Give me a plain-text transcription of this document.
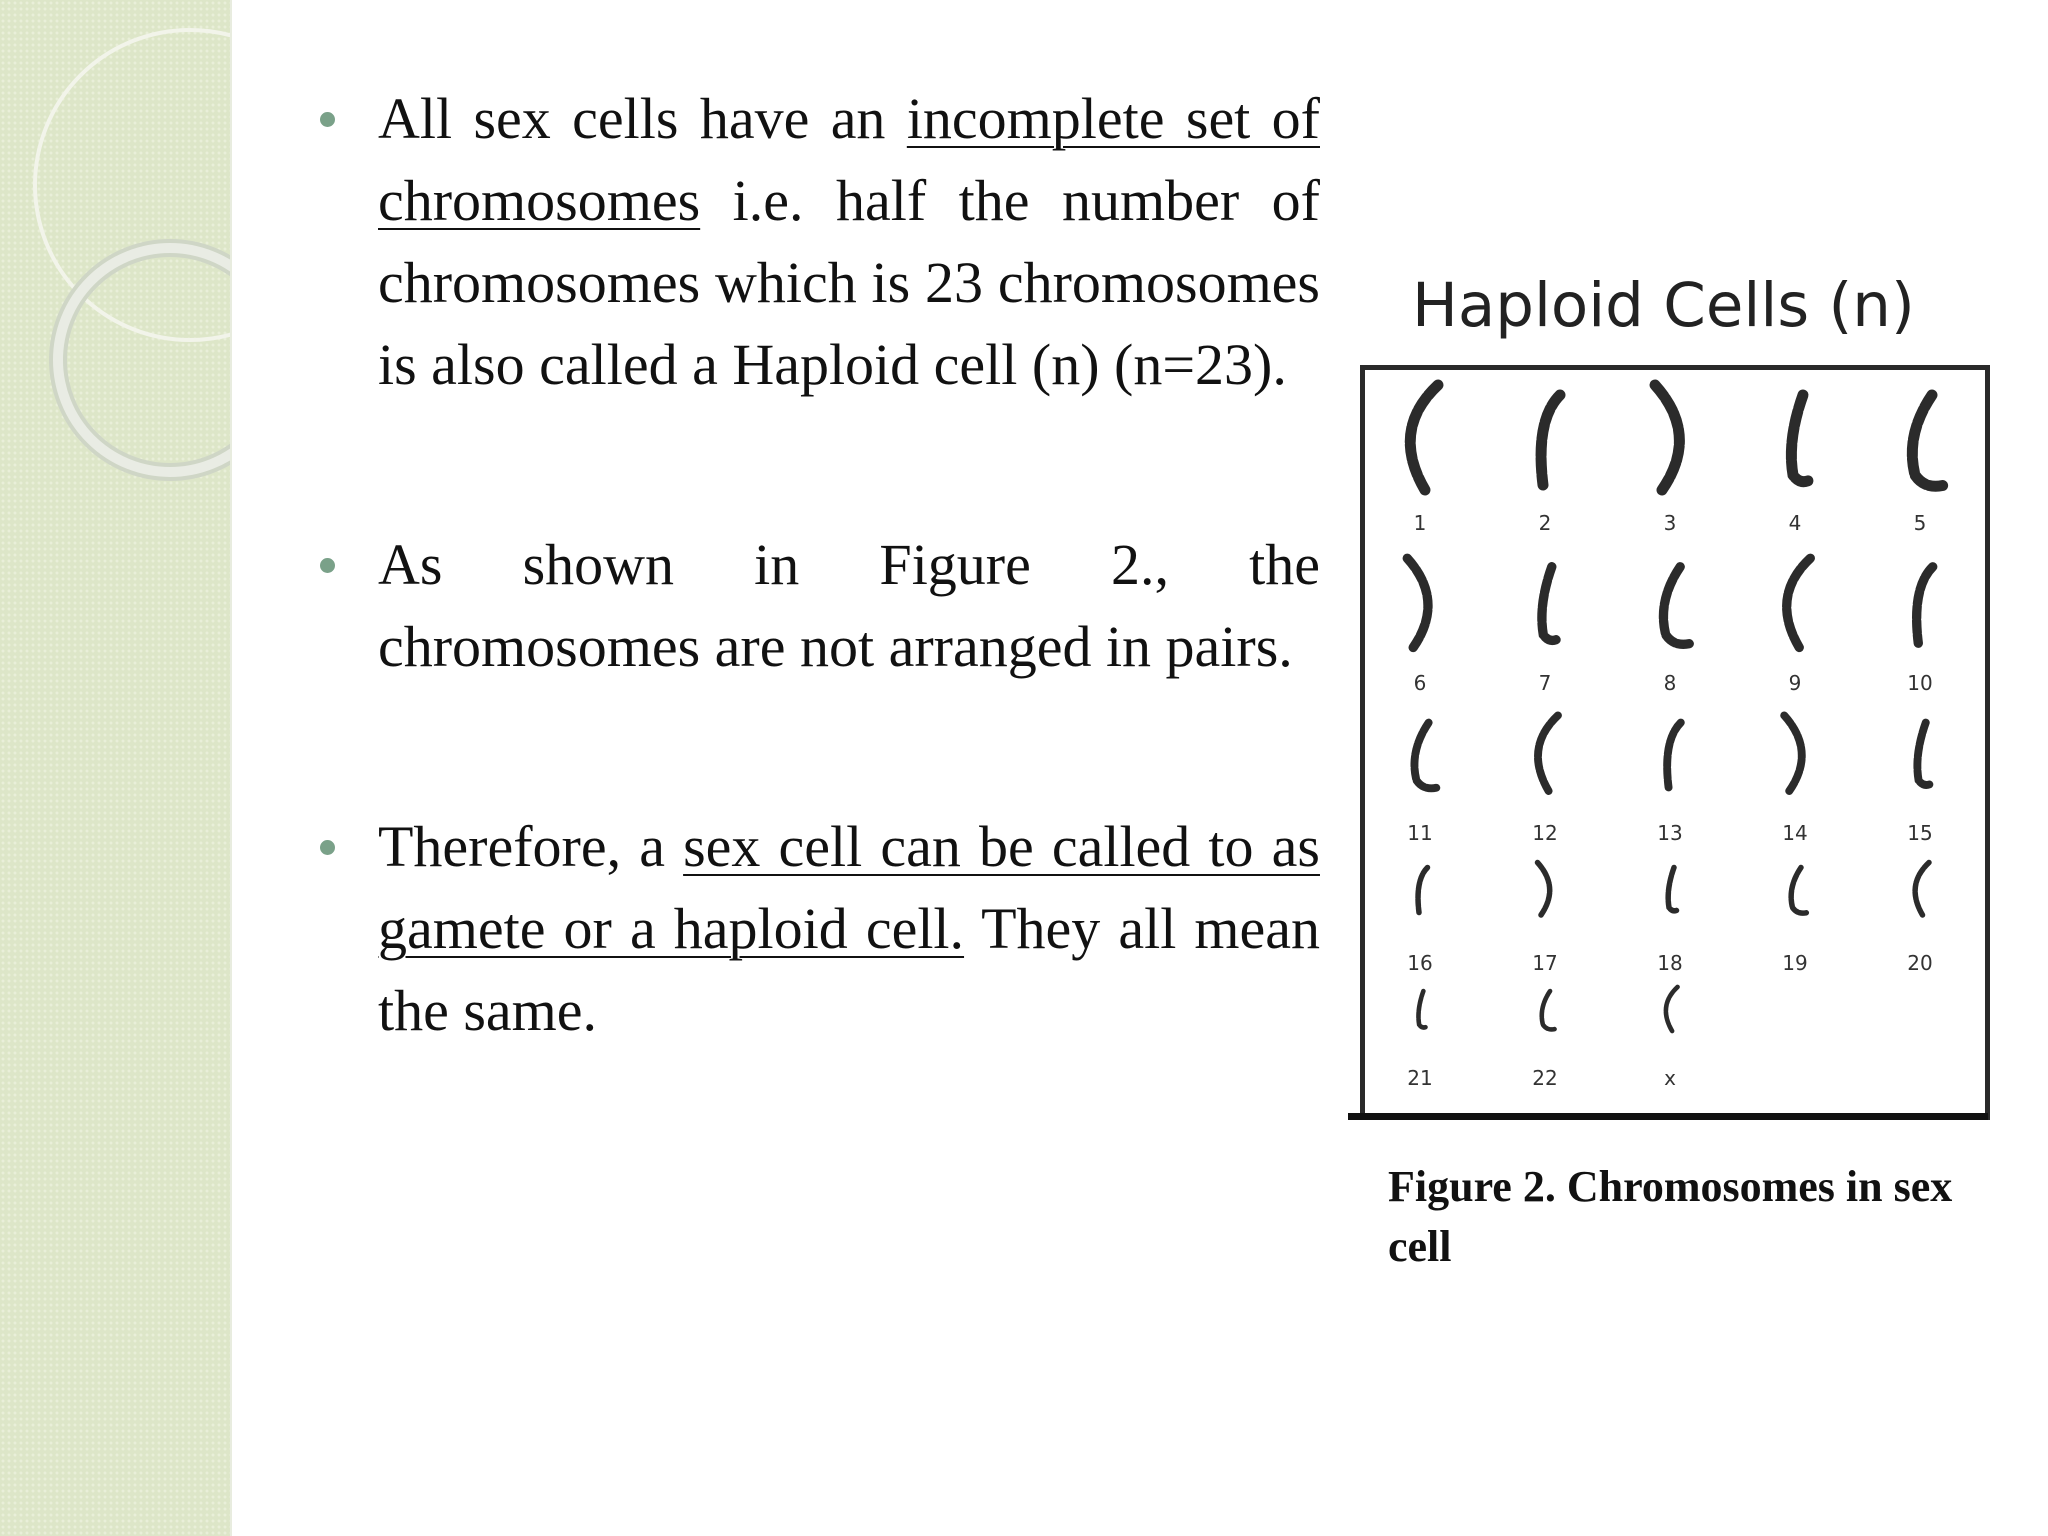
All sex cells have an incomplete set of chromosomes i.e. half the number of chromosomes which is 23 chromosomes is also called a Haploid cell (n) (n=23).
As shown in Figure 2., the chromosomes are not arranged in pairs.
Therefore, a sex cell can be called to as gamete or a haploid cell. They all mean the same.
Haploid Cells (n)
1	2	3	4	5
6	7	8	9	10
11	12	13	14	15
16	17	18	19	20
21	22	x
Figure 2. Chromosomes in sex cell
